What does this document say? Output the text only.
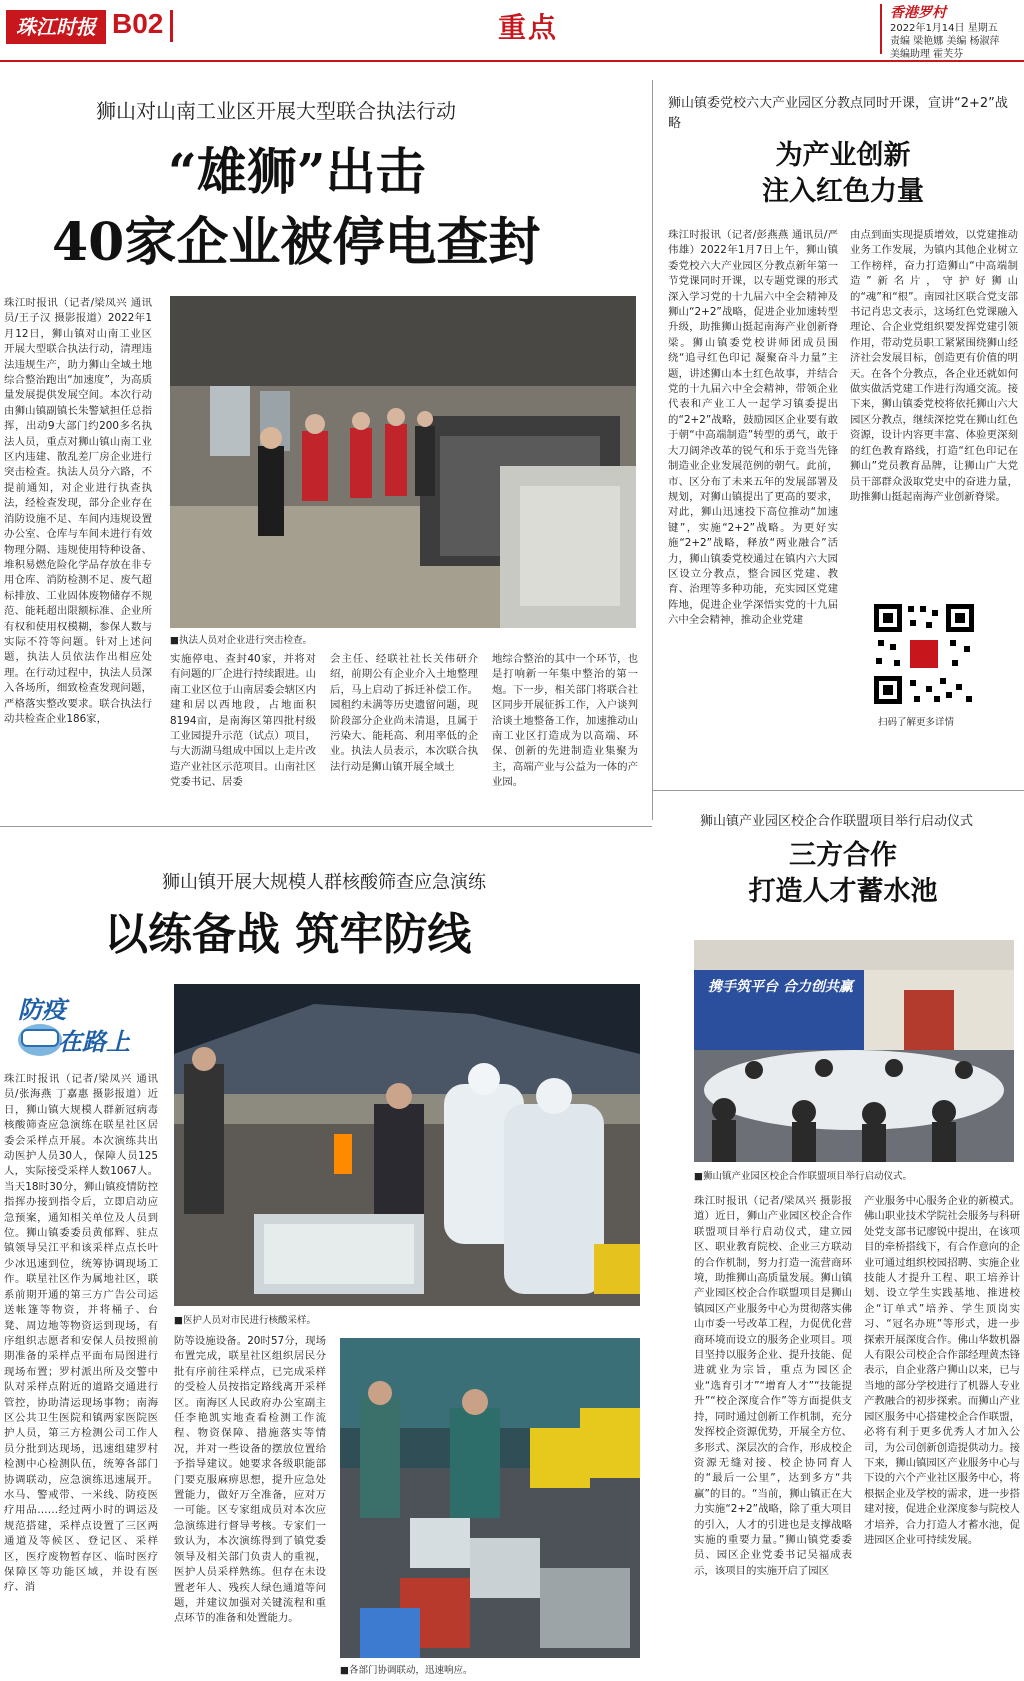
珠江时报 B02	重点	香港罗村
2022年1月14日 星期五
责编 梁艳娜 美编 杨淑萍
美编助理 霍芙芬
狮山对山南工业区开展大型联合执法行动
“雄狮”出击
40家企业被停电查封
珠江时报讯（记者/梁凤兴 通讯员/王子汉 摄影报道）2022年1月12日，狮山镇对山南工业区开展大型联合执法行动，清理违法违规生产，助力狮山全域土地综合整治跑出“加速度”，为高质量发展提供发展空间。本次行动由狮山镇副镇长朱警斌担任总指挥，出动9大部门约200多名执法人员，重点对狮山镇山南工业区内违建、散乱差厂房企业进行突击检查。执法人员分六路，不提前通知，对企业进行执查执法，经检查发现，部分企业存在消防设施不足、车间内违规设置办公室、仓库与车间未进行有效物理分隔、违规使用特种设备、堆积易燃危险化学品存放在非专用仓库、消防检测不足、废气超标排放、工业固体废物储存不规范、能耗超出限额标准、企业所有权和使用权模糊，参保人数与实际不符等问题。针对上述问题，执法人员依法作出相应处理。在行动过程中，执法人员深入各场所，细致检查发现问题，严格落实整改要求。联合执法行动共检查企业186家，
■执法人员对企业进行突击检查。
实施停电、查封40家，并将对有问题的厂企进行持续跟进。山南工业区位于山南居委会辖区内建和居以西地段，占地面积8194亩，是南海区第四批村级工业园提升示范（试点）项目，与大沥湖马组成中国以上走片改造产业社区示范项目。山南社区党委书记、居委
会主任、经联社社长关伟研介绍，前期公有企业介入土地整理后，马上启动了拆迁补偿工作。园租约未满等历史遗留问题，现阶段部分企业尚未清退，且属于污染大、能耗高、利用率低的企业。执法人员表示，本次联合执法行动是狮山镇开展全域土
地综合整治的其中一个环节，也是打响新一年集中整治的第一炮。下一步，相关部门将联合社区同步开展征拆工作，入户谈判洽谈土地整备工作，加速推动山南工业区打造成为以高端、环保、创新的先进制造业集聚为主，高端产业与公益为一体的产业园。
狮山镇委党校六大产业园区分教点同时开课，宣讲“2+2”战略
为产业创新
注入红色力量
珠江时报讯（记者/彭燕燕 通讯员/严伟雄）2022年1月7日上午，狮山镇委党校六大产业园区分教点新年第一节党课同时开课，以专题党课的形式深入学习党的十九届六中全会精神及狮山“2+2”战略，促进企业加速转型升级，助推狮山挺起南海产业创新脊梁。狮山镇委党校讲师团成员围绕“追寻红色印记 凝聚奋斗力量”主题，讲述狮山本土红色故事，并结合党的十九届六中全会精神，带领企业代表和产业工人一起学习镇委提出的“2+2”战略，鼓励园区企业要有敢于朝“中高端制造”转型的勇气，敢于大刀阔斧改革的锐气和乐于竞当先锋制造业企业发展范例的朝气。此前，市、区分布了未来五年的发展部署及规划，对狮山镇提出了更高的要求，对此，狮山迅速投下高位推动“加速键”，实施“2+2”战略。为更好实施“2+2”战略，释放“两业融合”活力，狮山镇委党校通过在镇内六大园区设立分教点，整合园区党建、教育、治理等多种功能，充实园区党建阵地，促进企业学深悟实党的十九届六中全会精神，推动企业党建
由点到面实现提质增效，以党建推动业务工作发展，为镇内其他企业树立工作榜样，奋力打造狮山“中高端制造”新名片，守护好狮山的“魂”和“根”。南园社区联合党支部书记肖忠文表示，这场红色党课融入理论、合企业党组织要发挥党建引领作用，带动党员职工紧紧围绕狮山经济社会发展目标，创造更有价值的明天。在各个分教点，各企业还就如何做实做活党建工作进行沟通交流。接下来，狮山镇委党校将依托狮山六大园区分教点，继续深挖党在狮山红色资源，设计内容更丰富、体验更深刻的红色教育路线，打造“红色印记在狮山”党员教育品牌，让狮山广大党员干部群众汲取党史中的奋进力量，助推狮山挺起南海产业创新脊梁。
扫码了解更多详情
狮山镇开展大规模人群核酸筛查应急演练
以练备战 筑牢防线
防疫
在路上
■医护人员对市民进行核酸采样。
珠江时报讯（记者/梁凤兴 通讯员/张海燕 丁嘉惠 摄影报道）近日，狮山镇大规模人群新冠病毒核酸筛查应急演练在联星社区居委会采样点开展。本次演练共出动医护人员30人，保障人员125人，实际接受采样人数1067人。当天18时30分，狮山镇疫情防控指挥办接到指令后，立即启动应急预案，通知相关单位及人员到位。狮山镇委委员黄郁辉、驻点镇领导吴江平和该采样点点长叶少冰迅速到位，统筹协调现场工作。联星社区作为属地社区，联系前期开通的第三方广告公司运送帐篷等物资，并将桶子、台凳、周边地等物资运到现场，有序组织志愿者和安保人员按照前期准备的采样点平面布局图进行现场布置；罗村派出所及交警中队对采样点附近的道路交通进行管控，协助清运现场事物；南海区公共卫生医院和镇两家医院医护人员，第三方检测公司工作人员分批到达现场，迅速组建罗村检测中心检测队伍，统筹各部门协调联动，应急演练迅速展开。水马、警戒带、一米线、防疫医疗用品……经过两小时的调运及规范搭建，采样点设置了三区两通道及等候区、登记区、采样区，医疗废物暂存区、临时医疗保障区等功能区域，并设有医疗、消
防等设施设备。20时57分，现场布置完成，联星社区组织居民分批有序前往采样点，已完成采样的受检人员按指定路线离开采样区。南海区人民政府办公室副主任李艳凯实地查看检测工作流程、物资保障、措施落实等情况，并对一些设备的摆放位置给予指导建议。她要求各级职能部门要克服麻痹思想，提升应急处置能力，做好万全准备，应对万一可能。区专家组成员对本次应急演练进行督导考核。专家们一致认为，本次演练得到了镇党委领导及相关部门负责人的重视，医护人员采样熟练。但存在未设置老年人、残疾人绿色通道等问题，并建议加强对关键流程和重点环节的准备和处置能力。
■各部门协调联动，迅速响应。
狮山镇产业园区校企合作联盟项目举行启动仪式
三方合作
打造人才蓄水池
携手筑平台 合力创共赢
■狮山镇产业园区校企合作联盟项目举行启动仪式。
珠江时报讯（记者/梁凤兴 摄影报道）近日，狮山产业园区校企合作联盟项目举行启动仪式，建立园区、职业教育院校、企业三方联动的合作机制，努力打造一流营商环境，助推狮山高质量发展。狮山镇产业园区校企合作联盟项目是狮山镇园区产业服务中心为贯彻落实佛山市委一号改革工程，力促优化营商环境而设立的服务企业项目。项目坚持以服务企业、提升技能、促进就业为宗旨，重点为园区企业“选育引才”“增育人才”“技能提升”“校企深度合作”等方面提供支持，同时通过创新工作机制，充分发挥校企资源优势，开展全方位、多形式、深层次的合作，形成校企资源无缝对接、校企协同育人的“最后一公里”，达到多方“共赢”的目的。“当前，狮山镇正在大力实施“2+2”战略，除了重大项目的引入，人才的引进也是支撑战略实施的重要力量。”狮山镇党委委员、园区企业党委书记吴福成表示，该项目的实施开启了园区
产业服务中心服务企业的新模式。佛山职业技术学院社会服务与科研处党支部书记廖锐中提出，在该项目的牵桥搭线下，有合作意向的企业可通过组织校园招聘、实施企业技能人才提升工程、职工培养计划、设立学生实践基地、推进校企“订单式”培养、学生顶岗实习、“冠名办班”等形式，进一步探索开展深度合作。佛山华数机器人有限公司校企合作部经理黄杰锋表示，自企业落户狮山以来，已与当地的部分学校进行了机器人专业产教融合的初步探索。而狮山产业园区服务中心搭建校企合作联盟，必将有利于更多优秀人才加入公司，为公司创新创造提供动力。接下来，狮山镇园区产业服务中心与下设的六个产业社区服务中心，将根据企业及学校的需求，进一步搭建对接，促进企业深度参与院校人才培养，合力打造人才蓄水池，促进园区企业可持续发展。
